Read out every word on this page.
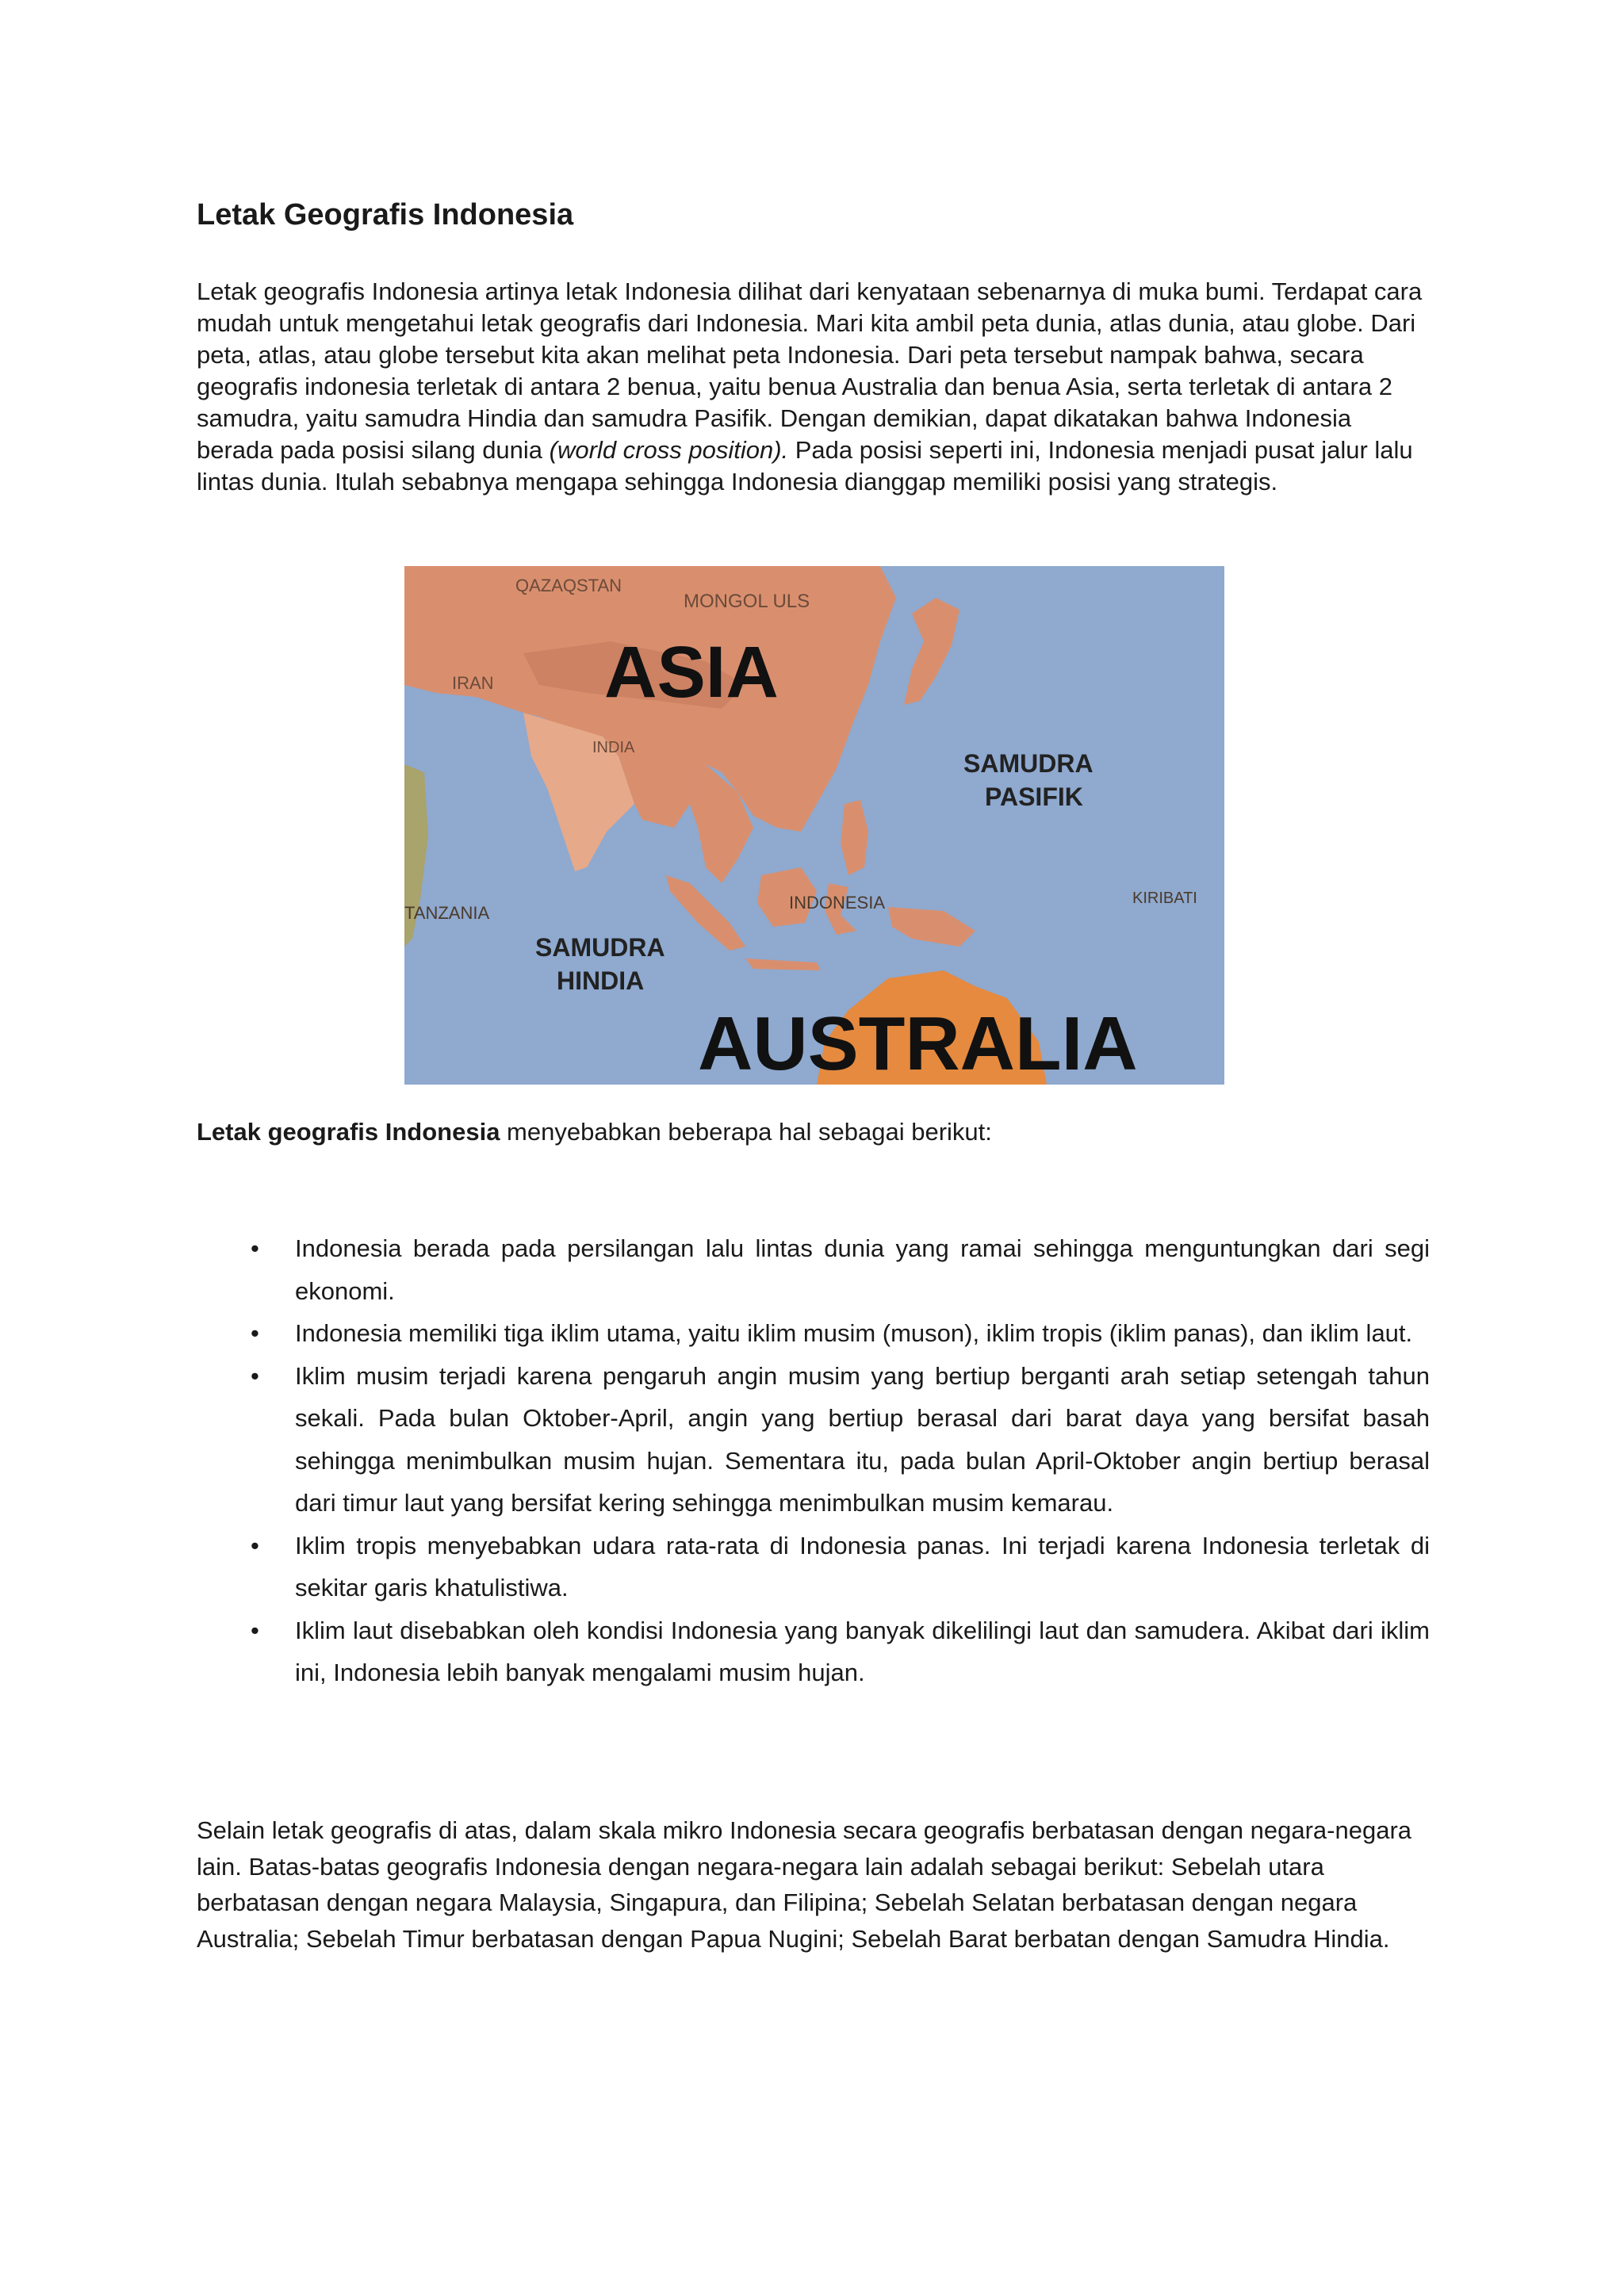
Letak Geografis Indonesia

Letak geografis Indonesia artinya letak Indonesia dilihat dari kenyataan sebenarnya di muka bumi. Terdapat cara mudah untuk mengetahui letak geografis dari Indonesia. Mari kita ambil peta dunia, atlas dunia, atau globe. Dari peta, atlas, atau globe tersebut kita akan melihat peta Indonesia. Dari peta tersebut nampak bahwa, secara geografis indonesia terletak di antara 2 benua, yaitu benua Australia dan benua Asia, serta terletak di antara 2 samudra, yaitu samudra Hindia dan samudra Pasifik. Dengan demikian, dapat dikatakan bahwa Indonesia berada pada posisi silang dunia (world cross position). Pada posisi seperti ini, Indonesia menjadi pusat jalur lalu lintas dunia. Itulah sebabnya mengapa sehingga Indonesia dianggap memiliki posisi yang strategis.

QAZAQSTAN
MONGOL ULS
IRAN ASIA
INDIA
SAMUDRA
PASIFIK
INDONESIA	KIRIBATI
TANZANIA
SAMUDRA
HINDIA
AUSTRALIA

Letak geografis Indonesia menyebabkan beberapa hal sebagai berikut:

• Indonesia berada pada persilangan lalu lintas dunia yang ramai sehingga menguntungkan dari segi ekonomi.
• Indonesia memiliki tiga iklim utama, yaitu iklim musim (muson), iklim tropis (iklim panas), dan iklim laut.
• Iklim musim terjadi karena pengaruh angin musim yang bertiup berganti arah setiap setengah tahun sekali. Pada bulan Oktober-April, angin yang bertiup berasal dari barat daya yang bersifat basah sehingga menimbulkan musim hujan. Sementara itu, pada bulan April-Oktober angin bertiup berasal dari timur laut yang bersifat kering sehingga menimbulkan musim kemarau.
• Iklim tropis menyebabkan udara rata-rata di Indonesia panas. Ini terjadi karena Indonesia terletak di sekitar garis khatulistiwa.
• Iklim laut disebabkan oleh kondisi Indonesia yang banyak dikelilingi laut dan samudera. Akibat dari iklim ini, Indonesia lebih banyak mengalami musim hujan.

Selain letak geografis di atas, dalam skala mikro Indonesia secara geografis berbatasan dengan negara-negara lain. Batas-batas geografis Indonesia dengan negara-negara lain adalah sebagai berikut: Sebelah utara berbatasan dengan negara Malaysia, Singapura, dan Filipina; Sebelah Selatan berbatasan dengan negara Australia; Sebelah Timur berbatasan dengan Papua Nugini; Sebelah Barat berbatan dengan Samudra Hindia.
